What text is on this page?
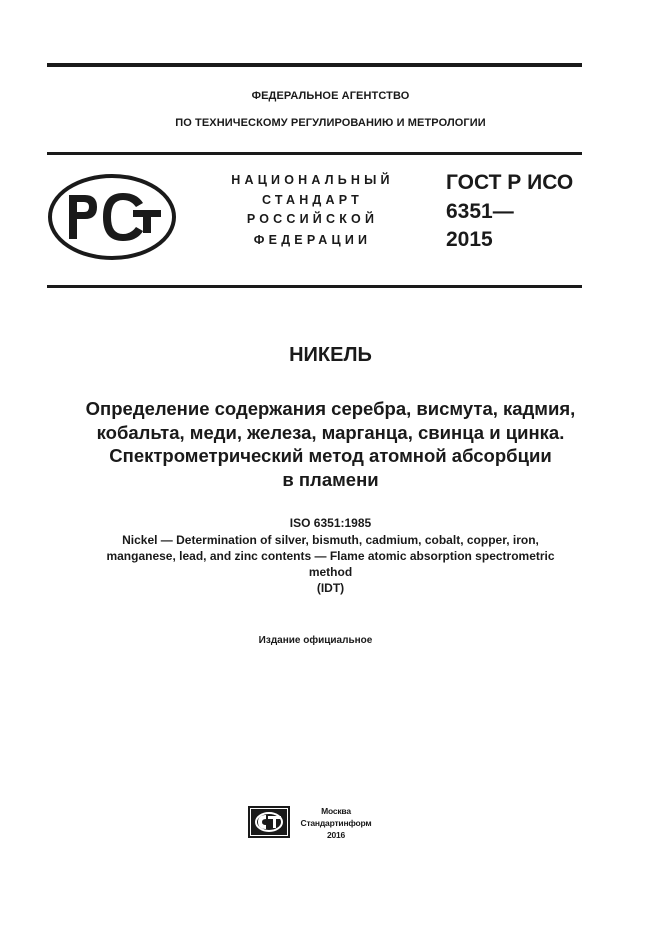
ФЕДЕРАЛЬНОЕ АГЕНТСТВО
ПО ТЕХНИЧЕСКОМУ РЕГУЛИРОВАНИЮ И МЕТРОЛОГИИ
НАЦИОНАЛЬНЫЙ
СТАНДАРТ
РОССИЙСКОЙ
ФЕДЕРАЦИИ
ГОСТ Р ИСО
6351—
2015
НИКЕЛЬ
Определение содержания серебра, висмута, кадмия,
кобальта, меди, железа, марганца, свинца и цинка.
Спектрометрический метод атомной абсорбции
в пламени
ISO 6351:1985
Nickel — Determination of silver, bismuth, cadmium, cobalt, copper, iron,
manganese, lead, and zinc contents — Flame atomic absorption spectrometric
method
(IDT)
Издание официальное
Москва
Стандартинформ
2016
